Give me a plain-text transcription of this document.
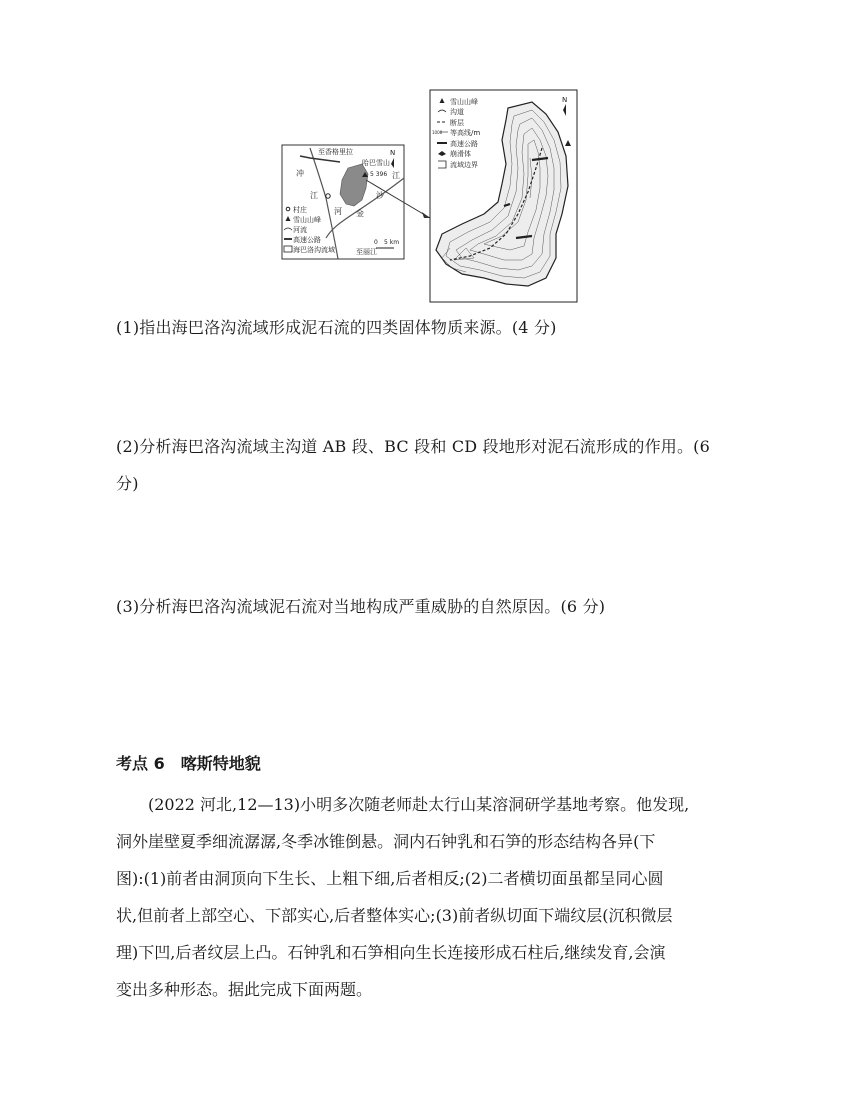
至香格里拉
哈巴雪山
5 396
冲
江
河
沙
江
金
至丽江
N
0 5 km
村庄
雪山山峰
河流
高速公路
海巴洛沟流域
N
雪山山峰
沟道
断层
1000 等高线/m
高速公路
崩滑体
流域边界
(1)指出海巴洛沟流域形成泥石流的四类固体物质来源。(4 分)
(2)分析海巴洛沟流域主沟道 AB 段、BC 段和 CD 段地形对泥石流形成的作用。(6
分)
(3)分析海巴洛沟流域泥石流对当地构成严重威胁的自然原因。(6 分)
考点 6　喀斯特地貌

(2022 河北,12—13)小明多次随老师赴太行山某溶洞研学基地考察。他发现,

洞外崖壁夏季细流潺潺,冬季冰锥倒悬。洞内石钟乳和石笋的形态结构各异(下

图):(1)前者由洞顶向下生长、上粗下细,后者相反;(2)二者横切面虽都呈同心圆

状,但前者上部空心、下部实心,后者整体实心;(3)前者纵切面下端纹层(沉积微层

理)下凹,后者纹层上凸。石钟乳和石笋相向生长连接形成石柱后,继续发育,会演

变出多种形态。据此完成下面两题。
